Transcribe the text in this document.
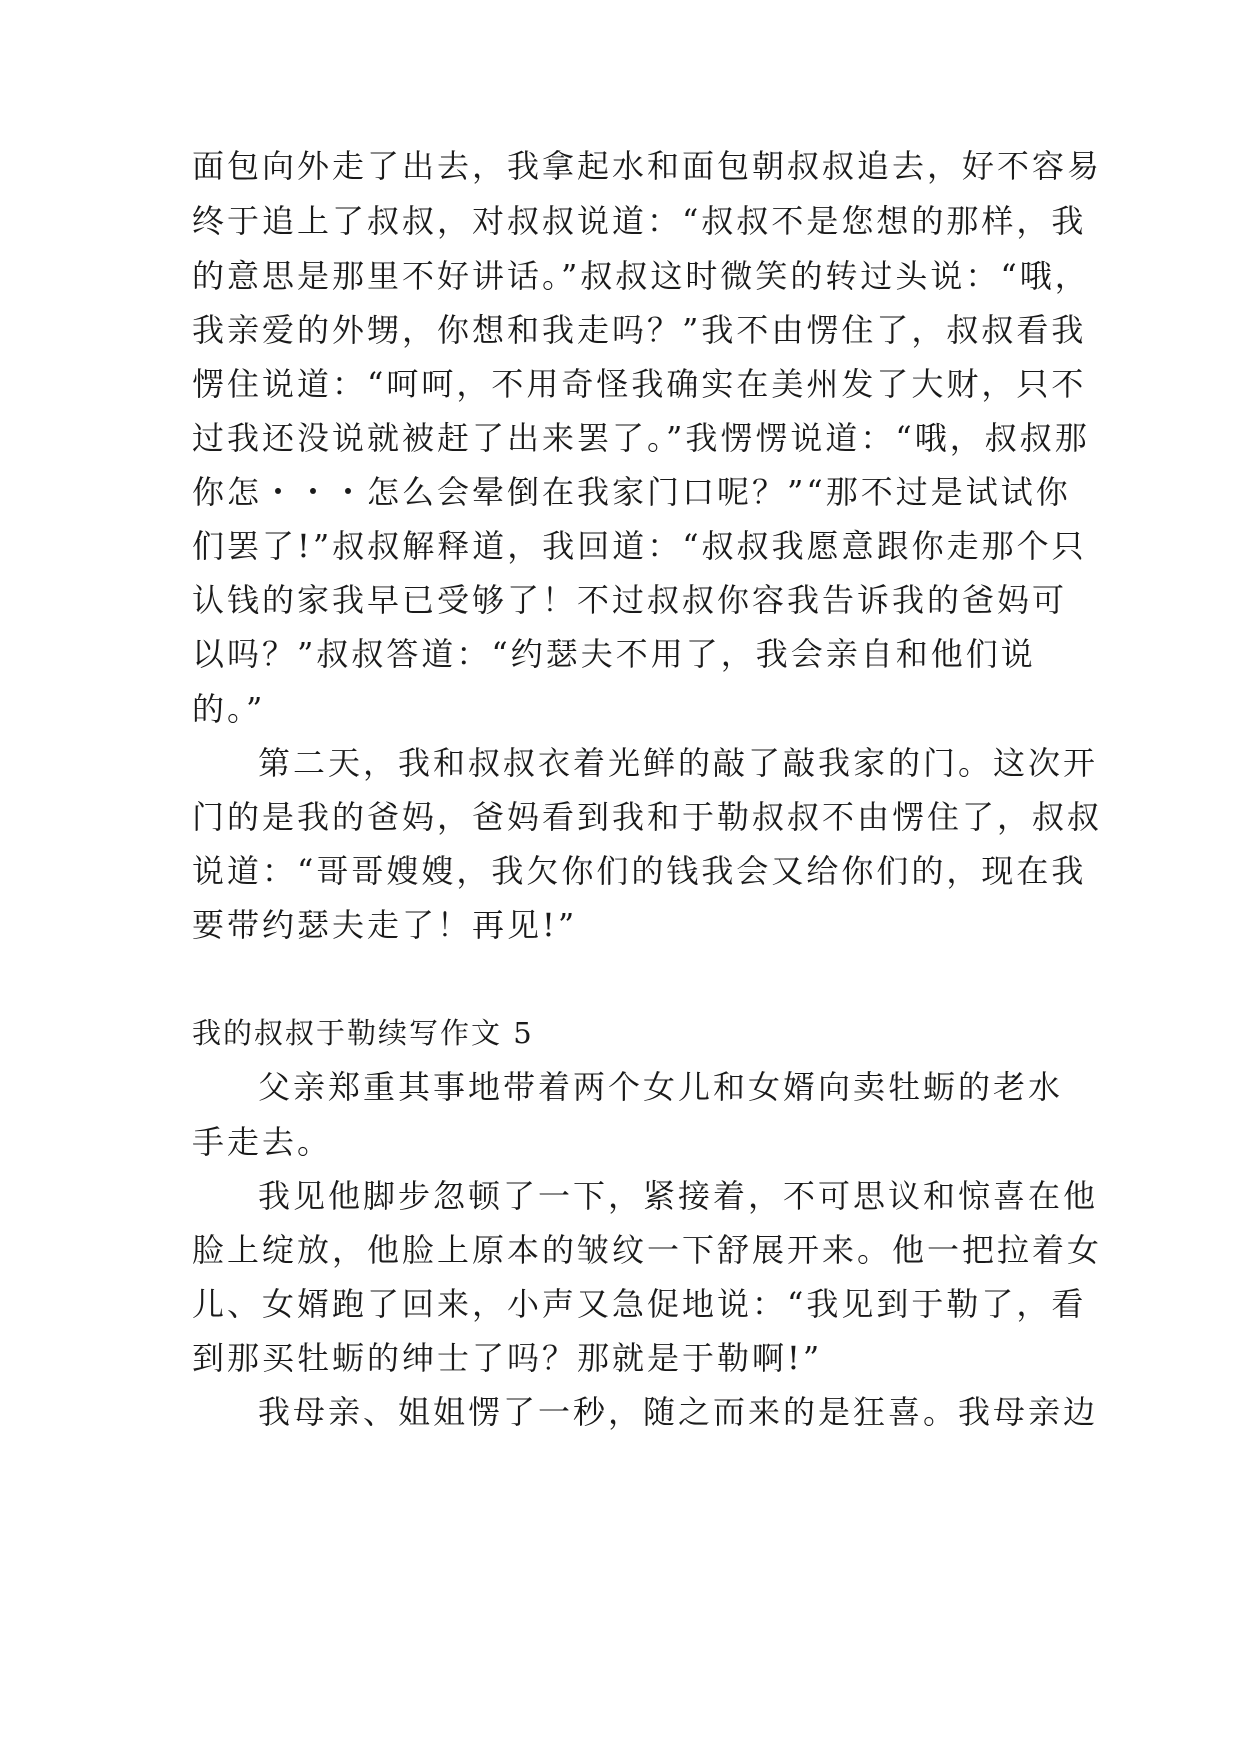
面包向外走了出去，我拿起水和面包朝叔叔追去，好不容易
终于追上了叔叔，对叔叔说道：“叔叔不是您想的那样，我
的意思是那里不好讲话。”叔叔这时微笑的转过头说：“哦，
我亲爱的外甥，你想和我走吗？”我不由愣住了，叔叔看我
愣住说道：“呵呵，不用奇怪我确实在美州发了大财，只不
过我还没说就被赶了出来罢了。”我愣愣说道：“哦，叔叔那
你怎・・・怎么会晕倒在我家门口呢？”“那不过是试试你
们罢了!”叔叔解释道，我回道：“叔叔我愿意跟你走那个只
认钱的家我早已受够了！不过叔叔你容我告诉我的爸妈可
以吗？”叔叔答道：“约瑟夫不用了，我会亲自和他们说
的。”
第二天，我和叔叔衣着光鲜的敲了敲我家的门。这次开
门的是我的爸妈，爸妈看到我和于勒叔叔不由愣住了，叔叔
说道：“哥哥嫂嫂，我欠你们的钱我会又给你们的，现在我
要带约瑟夫走了！再见!”
我的叔叔于勒续写作文 5
父亲郑重其事地带着两个女儿和女婿向卖牡蛎的老水
手走去。
我见他脚步忽顿了一下，紧接着，不可思议和惊喜在他
脸上绽放，他脸上原本的皱纹一下舒展开来。他一把拉着女
儿、女婿跑了回来，小声又急促地说：“我见到于勒了，看
到那买牡蛎的绅士了吗？那就是于勒啊!”
我母亲、姐姐愣了一秒，随之而来的是狂喜。我母亲边
